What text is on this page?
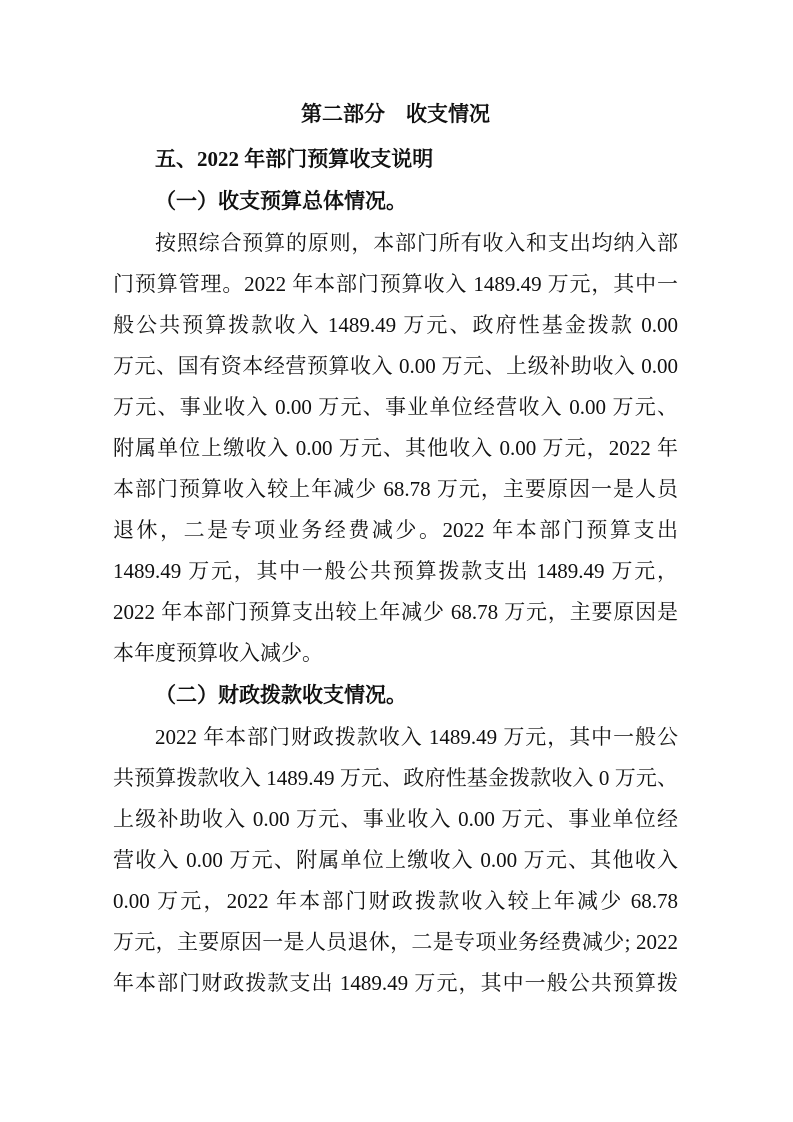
第二部分　收支情况
五、2022 年部门预算收支说明
（一）收支预算总体情况。
按照综合预算的原则，本部门所有收入和支出均纳入部
门预算管理。2022 年本部门预算收入 1489.49 万元，其中一
般公共预算拨款收入 1489.49 万元、政府性基金拨款 0.00
万元、国有资本经营预算收入 0.00 万元、上级补助收入 0.00
万元、事业收入 0.00 万元、事业单位经营收入 0.00 万元、
附属单位上缴收入 0.00 万元、其他收入 0.00 万元，2022 年
本部门预算收入较上年减少 68.78 万元，主要原因一是人员
退休，二是专项业务经费减少。2022 年本部门预算支出
1489.49 万元，其中一般公共预算拨款支出 1489.49 万元，
2022 年本部门预算支出较上年减少 68.78 万元，主要原因是
本年度预算收入减少。
（二）财政拨款收支情况。
2022 年本部门财政拨款收入 1489.49 万元，其中一般公
共预算拨款收入 1489.49 万元、政府性基金拨款收入 0 万元、
上级补助收入 0.00 万元、事业收入 0.00 万元、事业单位经
营收入 0.00 万元、附属单位上缴收入 0.00 万元、其他收入
0.00 万元，2022 年本部门财政拨款收入较上年减少 68.78
万元，主要原因一是人员退休，二是专项业务经费减少; 2022
年本部门财政拨款支出 1489.49 万元，其中一般公共预算拨
